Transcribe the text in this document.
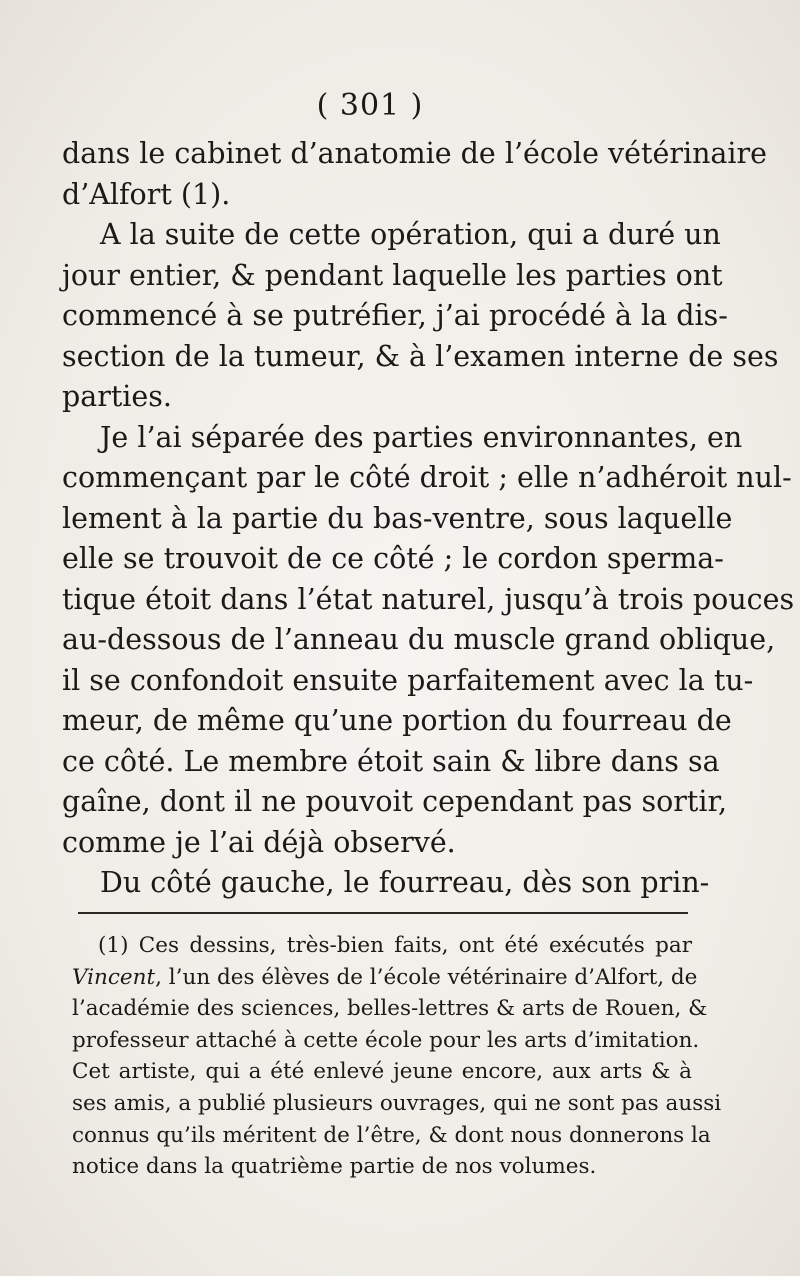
( 301 )
dans le cabinet d’anatomie de l’école vétérinaire
d’Alfort (1).
A la suite de cette opération, qui a duré un
jour entier, & pendant laquelle les parties ont
commencé à se putréfier, j’ai procédé à la dis-
section de la tumeur, & à l’examen interne de ses
parties.
Je l’ai séparée des parties environnantes, en
commençant par le côté droit ; elle n’adhéroit nul-
lement à la partie du bas-ventre, sous laquelle
elle se trouvoit de ce côté ; le cordon sperma-
tique étoit dans l’état naturel, jusqu’à trois pouces
au-dessous de l’anneau du muscle grand oblique,
il se confondoit ensuite parfaitement avec la tu-
meur, de même qu’une portion du fourreau de
ce côté. Le membre étoit sain & libre dans sa
gaîne, dont il ne pouvoit cependant pas sortir,
comme je l’ai déjà observé.
Du côté gauche, le fourreau, dès son prin-
(1) Ces dessins, très-bien faits, ont été exécutés par
Vincent, l’un des élèves de l’école vétérinaire d’Alfort, de
l’académie des sciences, belles-lettres & arts de Rouen, &
professeur attaché à cette école pour les arts d’imitation.
Cet artiste, qui a été enlevé jeune encore, aux arts & à
ses amis, a publié plusieurs ouvrages, qui ne sont pas aussi
connus qu’ils méritent de l’être, & dont nous donnerons la
notice dans la quatrième partie de nos volumes.
